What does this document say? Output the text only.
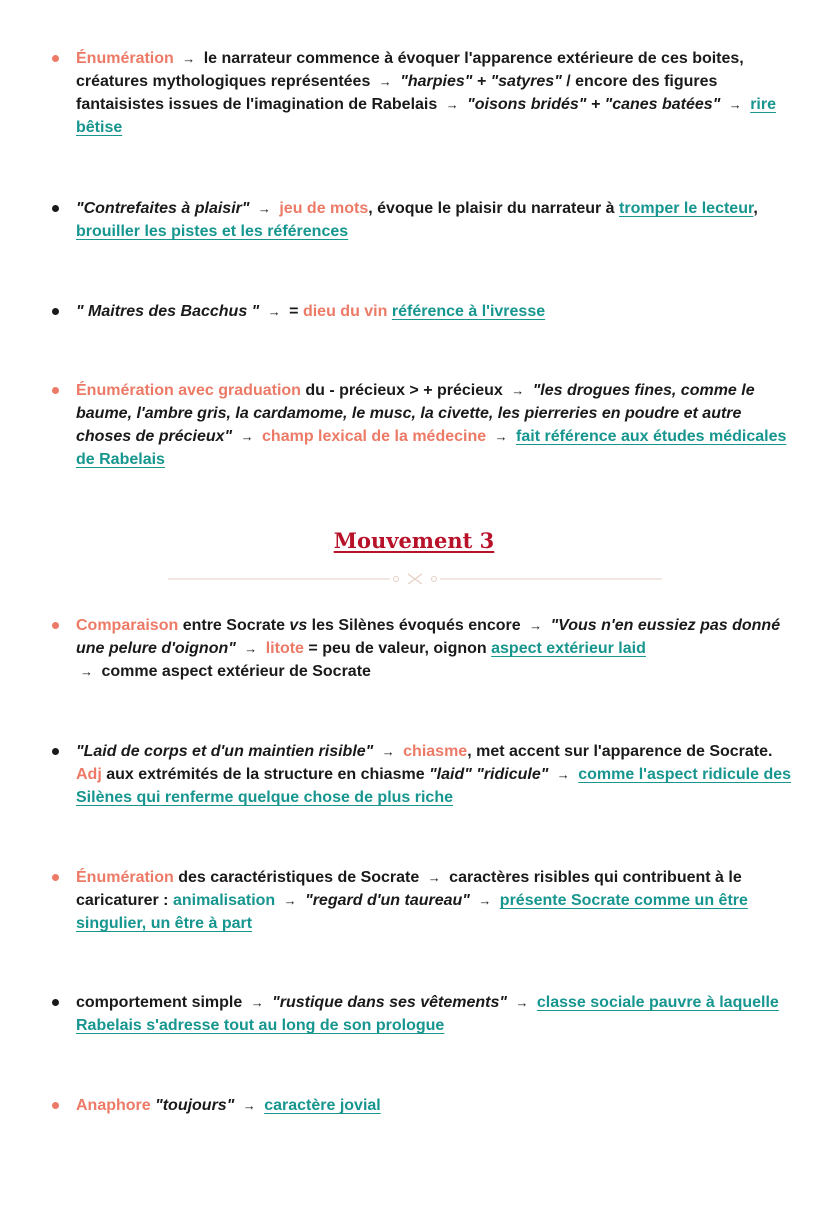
Énumération → le narrateur commence à évoquer l'apparence extérieure de ces boites, créatures mythologiques représentées → "harpies" + "satyres" / encore des figures fantaisistes issues de l'imagination de Rabelais → "oisons bridés" + "canes batées" → rire bêtise
"Contrefaites à plaisir" → jeu de mots, évoque le plaisir du narrateur à tromper le lecteur, brouiller les pistes et les références
" Maitres des Bacchus " → = dieu du vin référence à l'ivresse
Énumération avec graduation du - précieux > + précieux → "les drogues fines, comme le baume, l'ambre gris, la cardamome, le musc, la civette, les pierreries en poudre et autre choses de précieux" → champ lexical de la médecine → fait référence aux études médicales de Rabelais
Mouvement 3
Comparaison entre Socrate vs les Silènes évoqués encore → "Vous n'en eussiez pas donné une pelure d'oignon" → litote = peu de valeur, oignon aspect extérieur laid
→ comme aspect extérieur de Socrate
"Laid de corps et d'un maintien risible" → chiasme, met accent sur l'apparence de Socrate. Adj aux extrémités de la structure en chiasme "laid" "ridicule" → comme l'aspect ridicule des Silènes qui renferme quelque chose de plus riche
Énumération des caractéristiques de Socrate → caractères risibles qui contribuent à le caricaturer : animalisation → "regard d'un taureau" → présente Socrate comme un être singulier, un être à part
comportement simple → "rustique dans ses vêtements" → classe sociale pauvre à laquelle Rabelais s'adresse tout au long de son prologue
Anaphore "toujours" → caractère jovial
